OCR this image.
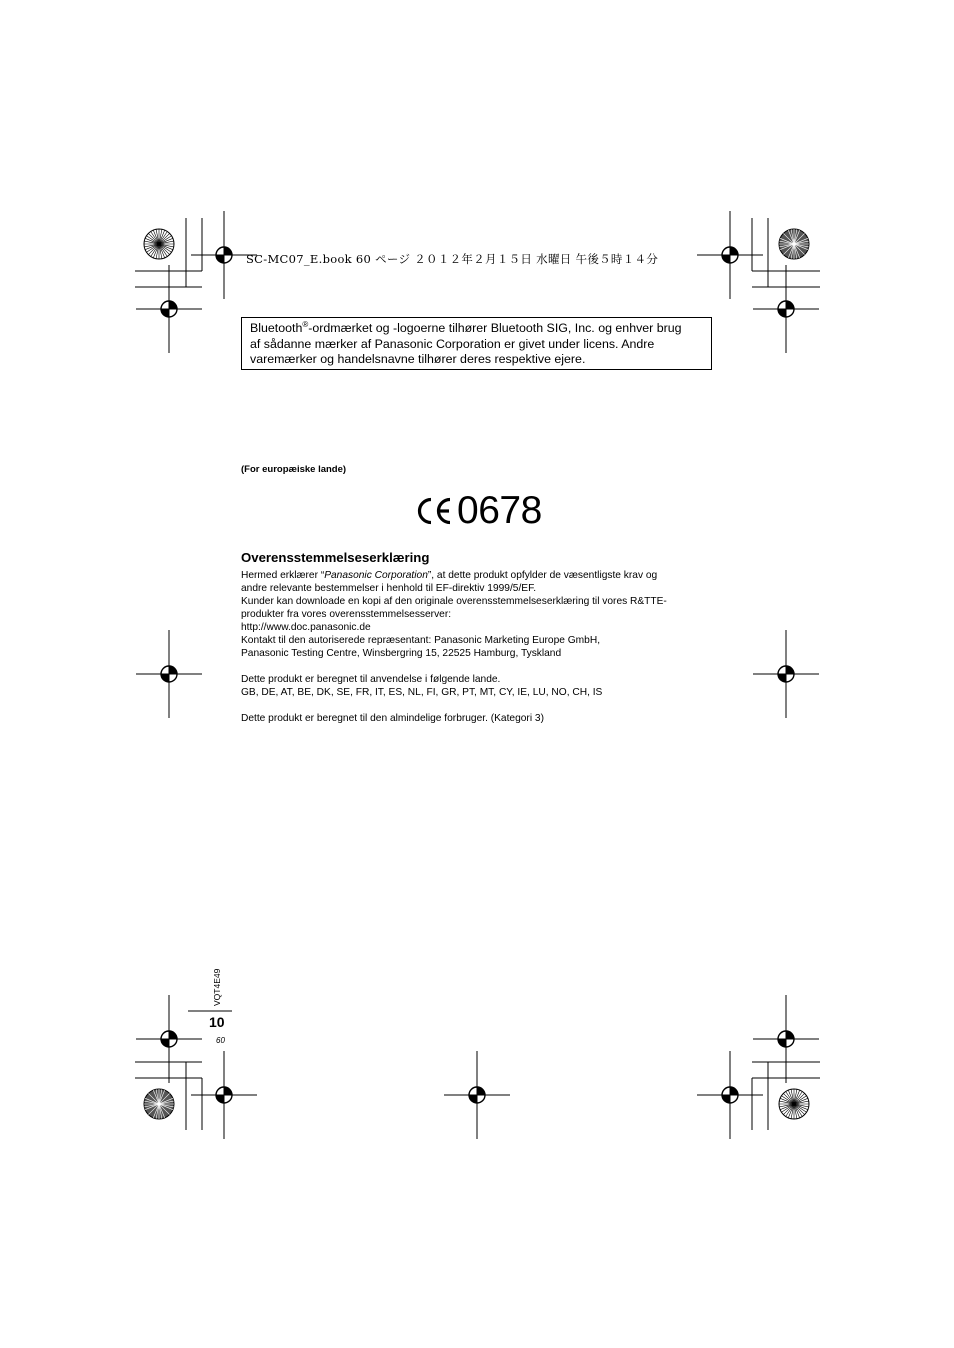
SC-MC07_E.book 60 ページ ２０１２年２月１５日 水曜日 午後５時１４分
Bluetooth®-ordmærket og -logoerne tilhører Bluetooth SIG, Inc. og enhver brug
af sådanne mærker af Panasonic Corporation er givet under licens. Andre
varemærker og handelsnavne tilhører deres respektive ejere.
(For europæiske lande)
0678
Overensstemmelseserklæring

Hermed erklærer “Panasonic Corporation”, at dette produkt opfylder de væsentligste krav og
andre relevante bestemmelser i henhold til EF-direktiv 1999/5/EF.

Kunder kan downloade en kopi af den originale overensstemmelseserklæring til vores R&TTE-
produkter fra vores overensstemmelsesserver:
http://www.doc.panasonic.de

Kontakt til den autoriserede repræsentant: Panasonic Marketing Europe GmbH,
Panasonic Testing Centre, Winsbergring 15, 22525 Hamburg, Tyskland

Dette produkt er beregnet til anvendelse i følgende lande.
GB, DE, AT, BE, DK, SE, FR, IT, ES, NL, FI, GR, PT, MT, CY, IE, LU, NO, CH, IS

Dette produkt er beregnet til den almindelige forbruger. (Kategori 3)

VQT4E49
10
60
